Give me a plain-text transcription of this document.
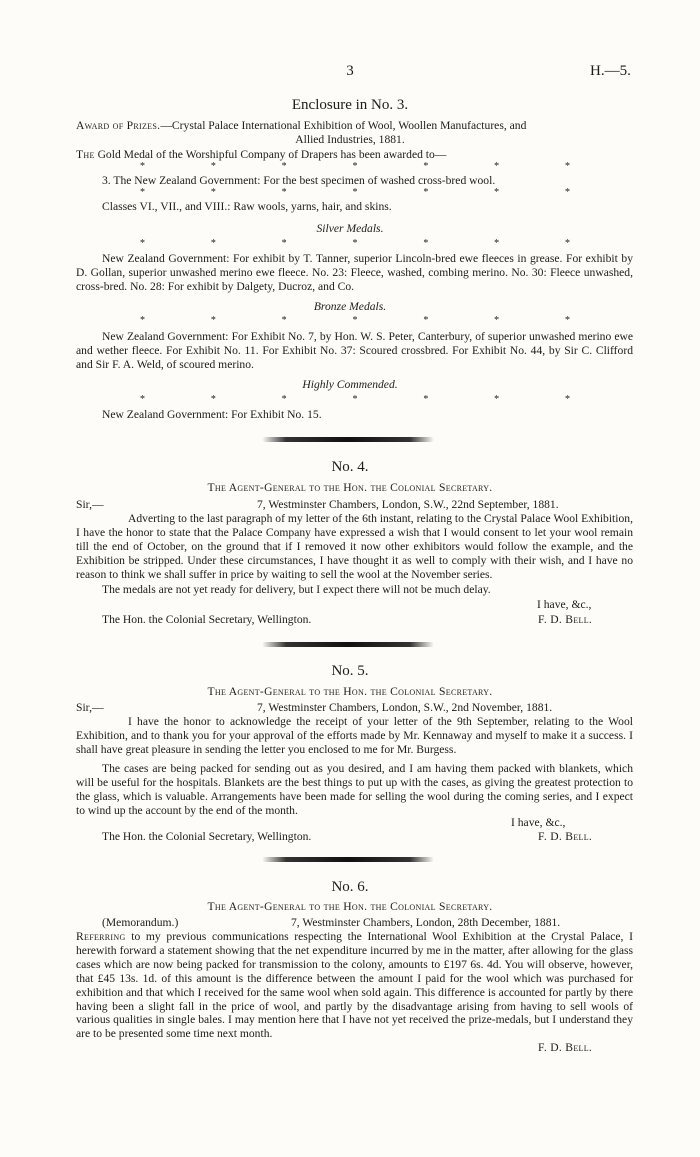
3	H.—5.
Enclosure in No. 3.
Award of Prizes.—Crystal Palace International Exhibition of Wool, Woollen Manufactures, and
Allied Industries, 1881.
The Gold Medal of the Worshipful Company of Drapers has been awarded to—
*	*	*	*	*	*	*
3. The New Zealand Government: For the best specimen of washed cross-bred wool.
*	*	*	*	*	*	*
Classes VI., VII., and VIII.: Raw wools, yarns, hair, and skins.
Silver Medals.
*	*	*	*	*	*	*
New Zealand Government: For exhibit by T. Tanner, superior Lincoln-bred ewe fleeces in grease. For exhibit by D. Gollan, superior unwashed merino ewe fleece. No. 23: Fleece, washed, combing merino. No. 30: Fleece unwashed, cross-bred. No. 28: For exhibit by Dalgety, Ducroz, and Co.
Bronze Medals.
*	*	*	*	*	*	*
New Zealand Government: For Exhibit No. 7, by Hon. W. S. Peter, Canterbury, of superior unwashed merino ewe and wether fleece. For Exhibit No. 11. For Exhibit No. 37: Scoured crossbred. For Exhibit No. 44, by Sir C. Clifford and Sir F. A. Weld, of scoured merino.
Highly Commended.
*	*	*	*	*	*	*
New Zealand Government: For Exhibit No. 15.
No. 4.
The Agent-General to the Hon. the Colonial Secretary.
Sir,—	7, Westminster Chambers, London, S.W., 22nd September, 1881.
Adverting to the last paragraph of my letter of the 6th instant, relating to the Crystal Palace Wool Exhibition, I have the honor to state that the Palace Company have expressed a wish that I would consent to let your wool remain till the end of October, on the ground that if I removed it now other exhibitors would follow the example, and the Exhibition be stripped. Under these circumstances, I have thought it as well to comply with their wish, and I have no reason to think we shall suffer in price by waiting to sell the wool at the November series.
The medals are not yet ready for delivery, but I expect there will not be much delay.
I have, &c.,
The Hon. the Colonial Secretary, Wellington.	F. D. Bell.
No. 5.
The Agent-General to the Hon. the Colonial Secretary.
Sir,—	7, Westminster Chambers, London, S.W., 2nd November, 1881.
I have the honor to acknowledge the receipt of your letter of the 9th September, relating to the Wool Exhibition, and to thank you for your approval of the efforts made by Mr. Kennaway and myself to make it a success. I shall have great pleasure in sending the letter you enclosed to me for Mr. Burgess.
The cases are being packed for sending out as you desired, and I am having them packed with blankets, which will be useful for the hospitals. Blankets are the best things to put up with the cases, as giving the greatest protection to the glass, which is valuable. Arrangements have been made for selling the wool during the coming series, and I expect to wind up the account by the end of the month.
I have, &c.,
The Hon. the Colonial Secretary, Wellington.	F. D. Bell.
No. 6.
The Agent-General to the Hon. the Colonial Secretary.
(Memorandum.)	7, Westminster Chambers, London, 28th December, 1881.
Referring to my previous communications respecting the International Wool Exhibition at the Crystal Palace, I herewith forward a statement showing that the net expenditure incurred by me in the matter, after allowing for the glass cases which are now being packed for transmission to the colony, amounts to £197 6s. 4d. You will observe, however, that £45 13s. 1d. of this amount is the difference between the amount I paid for the wool which was purchased for exhibition and that which I received for the same wool when sold again. This difference is accounted for partly by there having been a slight fall in the price of wool, and partly by the disadvantage arising from having to sell wools of various qualities in single bales. I may mention here that I have not yet received the prize-medals, but I understand they are to be presented some time next month.
F. D. Bell.
